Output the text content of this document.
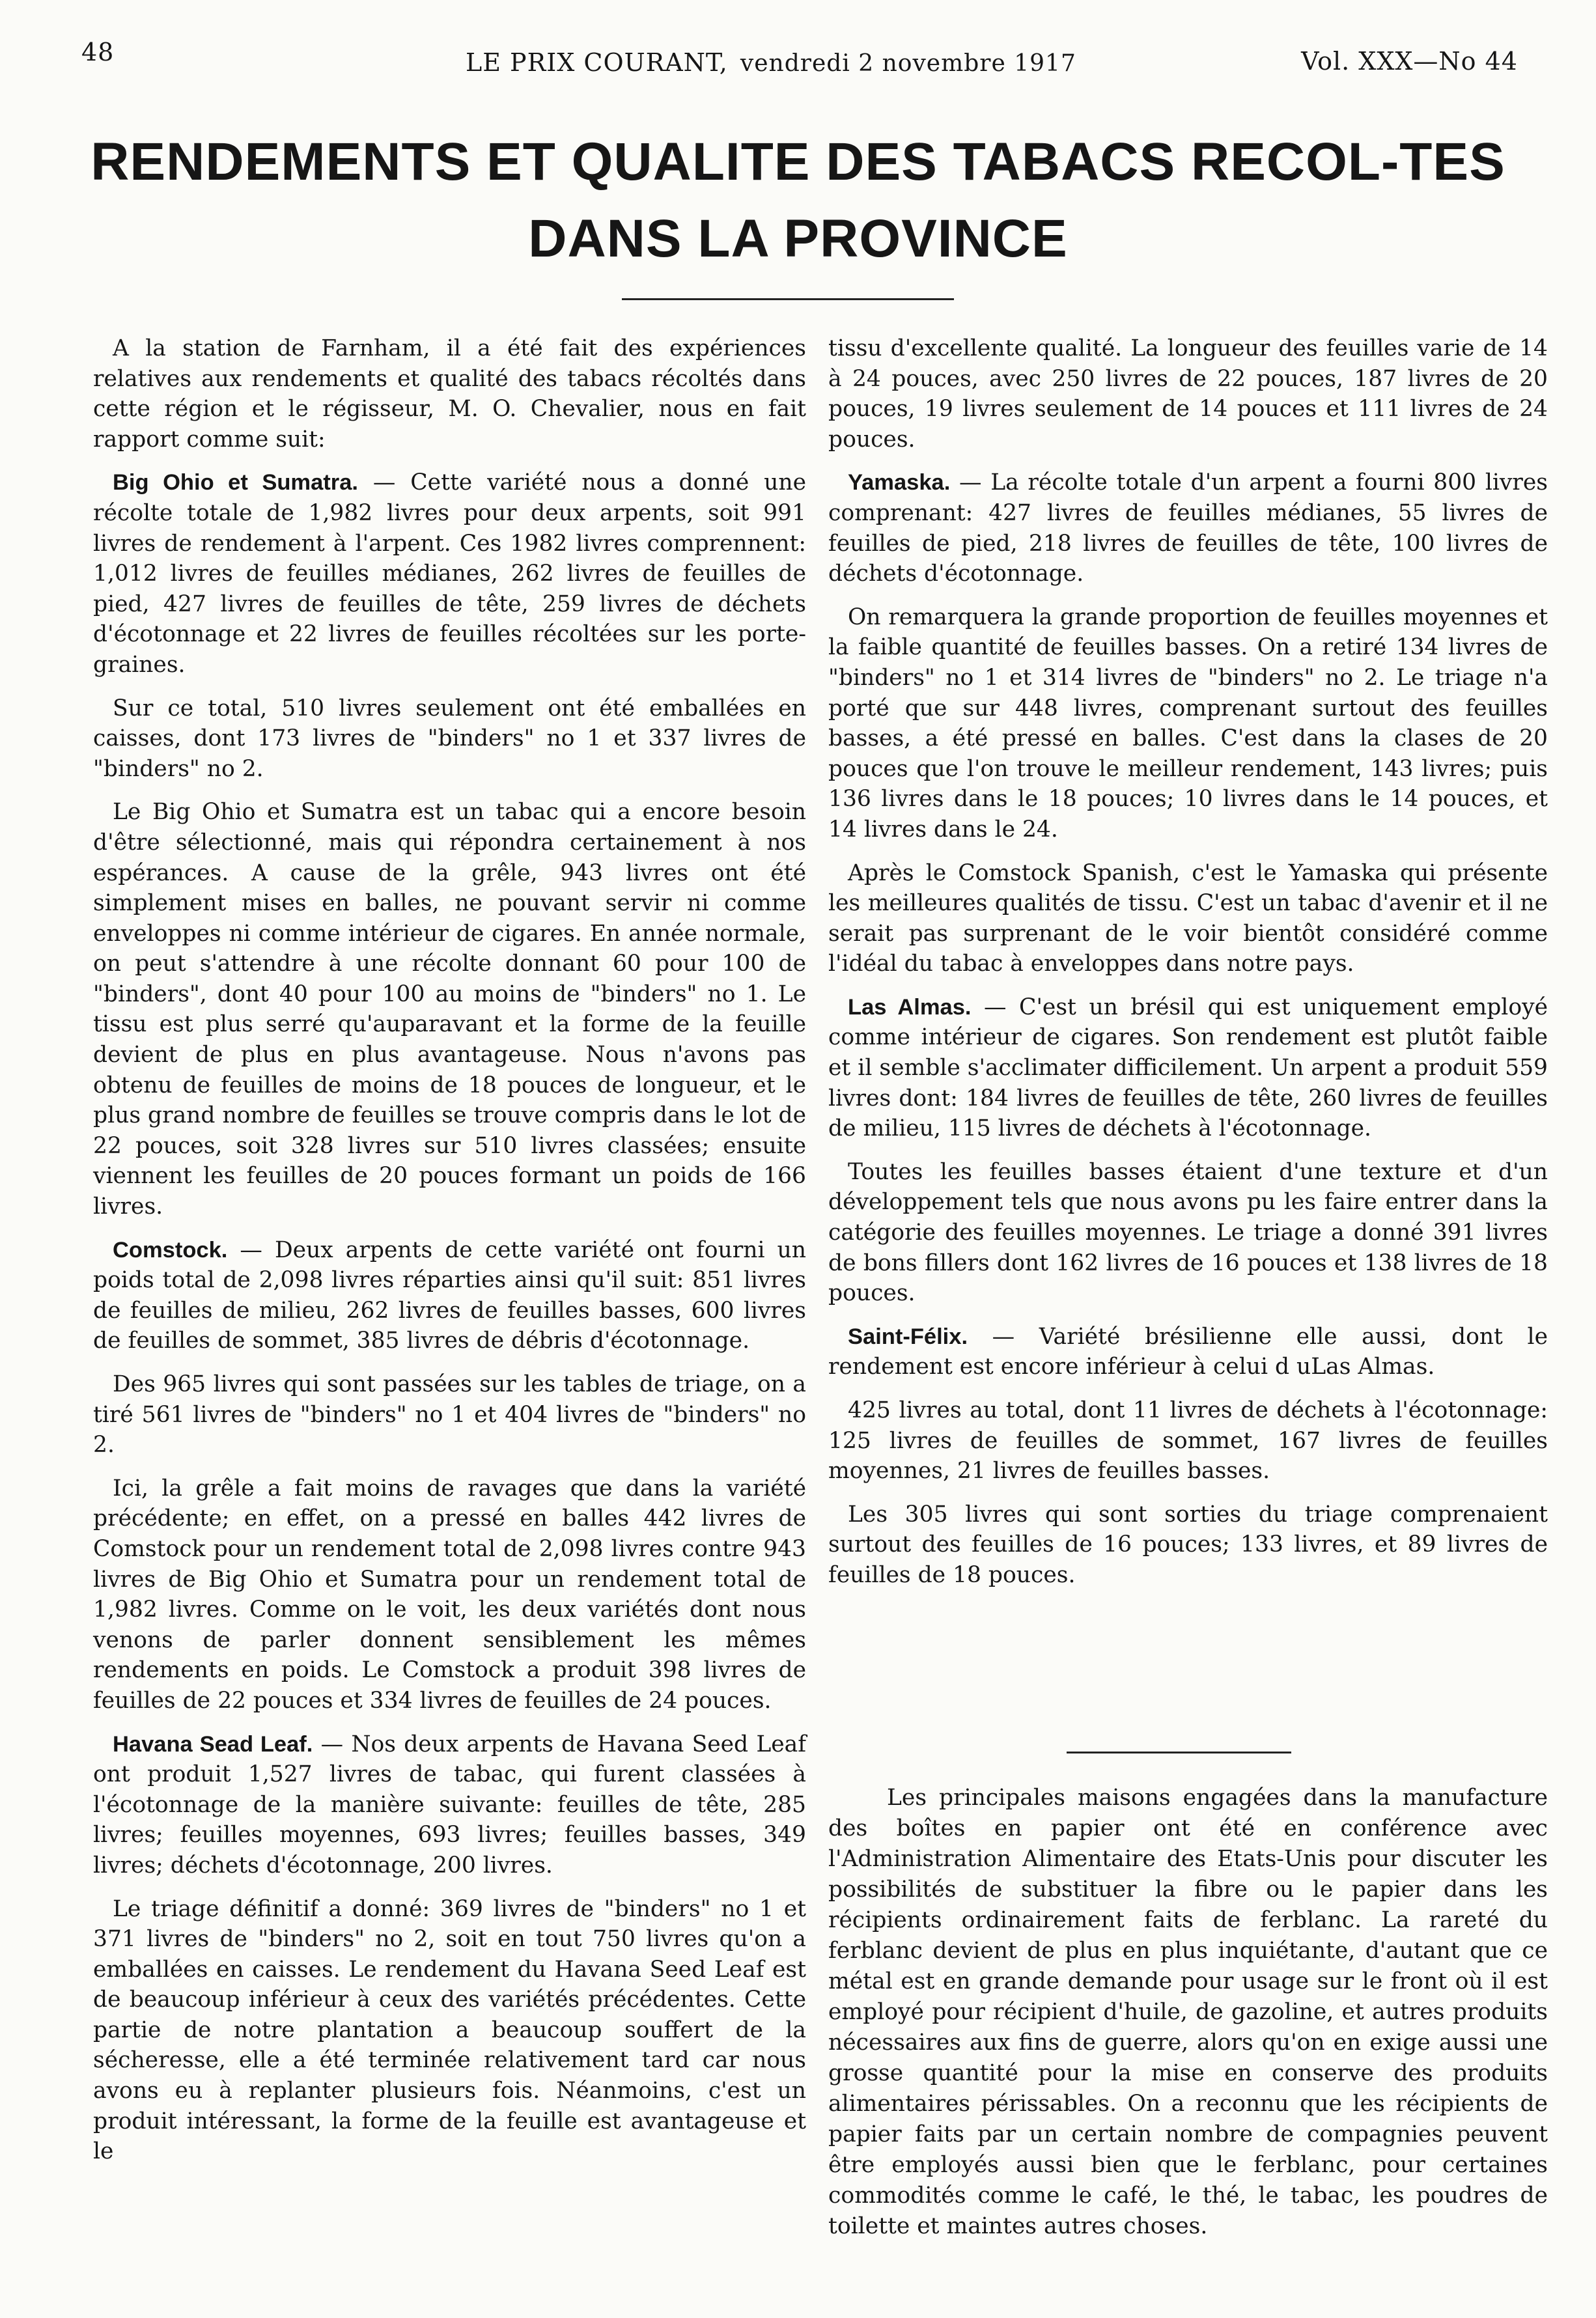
48	LE PRIX COURANT, vendredi 2 novembre 1917	Vol. XXX—No 44
RENDEMENTS ET QUALITE DES TABACS RECOL-TES DANS LA PROVINCE

A la station de Farnham, il a été fait des expériences relatives aux rendements et qualité des tabacs récoltés dans cette région et le régisseur, M. O. Chevalier, nous en fait rapport comme suit:

Big Ohio et Sumatra. — Cette variété nous a donné une récolte totale de 1,982 livres pour deux arpents, soit 991 livres de rendement à l'arpent. Ces 1982 livres comprennent: 1,012 livres de feuilles médianes, 262 livres de feuilles de pied, 427 livres de feuilles de tête, 259 livres de déchets d'écotonnage et 22 livres de feuilles récoltées sur les porte-graines.

Sur ce total, 510 livres seulement ont été emballées en caisses, dont 173 livres de "binders" no 1 et 337 livres de "binders" no 2.

Le Big Ohio et Sumatra est un tabac qui a encore besoin d'être sélectionné, mais qui répondra certainement à nos espérances. A cause de la grêle, 943 livres ont été simplement mises en balles, ne pouvant servir ni comme enveloppes ni comme intérieur de cigares. En année normale, on peut s'attendre à une récolte donnant 60 pour 100 de "binders", dont 40 pour 100 au moins de "binders" no 1. Le tissu est plus serré qu'auparavant et la forme de la feuille devient de plus en plus avantageuse. Nous n'avons pas obtenu de feuilles de moins de 18 pouces de longueur, et le plus grand nombre de feuilles se trouve compris dans le lot de 22 pouces, soit 328 livres sur 510 livres classées; ensuite viennent les feuilles de 20 pouces formant un poids de 166 livres.

Comstock. — Deux arpents de cette variété ont fourni un poids total de 2,098 livres réparties ainsi qu'il suit: 851 livres de feuilles de milieu, 262 livres de feuilles basses, 600 livres de feuilles de sommet, 385 livres de débris d'écotonnage.

Des 965 livres qui sont passées sur les tables de triage, on a tiré 561 livres de "binders" no 1 et 404 livres de "binders" no 2.

Ici, la grêle a fait moins de ravages que dans la variété précédente; en effet, on a pressé en balles 442 livres de Comstock pour un rendement total de 2,098 livres contre 943 livres de Big Ohio et Sumatra pour un rendement total de 1,982 livres. Comme on le voit, les deux variétés dont nous venons de parler donnent sensiblement les mêmes rendements en poids. Le Comstock a produit 398 livres de feuilles de 22 pouces et 334 livres de feuilles de 24 pouces.

Havana Sead Leaf. — Nos deux arpents de Havana Seed Leaf ont produit 1,527 livres de tabac, qui furent classées à l'écotonnage de la manière suivante: feuilles de tête, 285 livres; feuilles moyennes, 693 livres; feuilles basses, 349 livres; déchets d'écotonnage, 200 livres.

Le triage définitif a donné: 369 livres de "binders" no 1 et 371 livres de "binders" no 2, soit en tout 750 livres qu'on a emballées en caisses. Le rendement du Havana Seed Leaf est de beaucoup inférieur à ceux des variétés précédentes. Cette partie de notre plantation a beaucoup souffert de la sécheresse, elle a été terminée relativement tard car nous avons eu à replanter plusieurs fois. Néanmoins, c'est un produit intéressant, la forme de la feuille est avantageuse et le

tissu d'excellente qualité. La longueur des feuilles varie de 14 à 24 pouces, avec 250 livres de 22 pouces, 187 livres de 20 pouces, 19 livres seulement de 14 pouces et 111 livres de 24 pouces.

Yamaska. — La récolte totale d'un arpent a fourni 800 livres comprenant: 427 livres de feuilles médianes, 55 livres de feuilles de pied, 218 livres de feuilles de tête, 100 livres de déchets d'écotonnage.

On remarquera la grande proportion de feuilles moyennes et la faible quantité de feuilles basses. On a retiré 134 livres de "binders" no 1 et 314 livres de "binders" no 2. Le triage n'a porté que sur 448 livres, comprenant surtout des feuilles basses, a été pressé en balles. C'est dans la clases de 20 pouces que l'on trouve le meilleur rendement, 143 livres; puis 136 livres dans le 18 pouces; 10 livres dans le 14 pouces, et 14 livres dans le 24.

Après le Comstock Spanish, c'est le Yamaska qui présente les meilleures qualités de tissu. C'est un tabac d'avenir et il ne serait pas surprenant de le voir bientôt considéré comme l'idéal du tabac à enveloppes dans notre pays.

Las Almas. — C'est un brésil qui est uniquement employé comme intérieur de cigares. Son rendement est plutôt faible et il semble s'acclimater difficilement. Un arpent a produit 559 livres dont: 184 livres de feuilles de tête, 260 livres de feuilles de milieu, 115 livres de déchets à l'écotonnage.

Toutes les feuilles basses étaient d'une texture et d'un développement tels que nous avons pu les faire entrer dans la catégorie des feuilles moyennes. Le triage a donné 391 livres de bons fillers dont 162 livres de 16 pouces et 138 livres de 18 pouces.

Saint-Félix. — Variété brésilienne elle aussi, dont le rendement est encore inférieur à celui d uLas Almas.

425 livres au total, dont 11 livres de déchets à l'écotonnage: 125 livres de feuilles de sommet, 167 livres de feuilles moyennes, 21 livres de feuilles basses.

Les 305 livres qui sont sorties du triage comprenaient surtout des feuilles de 16 pouces; 133 livres, et 89 livres de feuilles de 18 pouces.

Les principales maisons engagées dans la manufacture des boîtes en papier ont été en conférence avec l'Administration Alimentaire des Etats-Unis pour discuter les possibilités de substituer la fibre ou le papier dans les récipients ordinairement faits de ferblanc. La rareté du ferblanc devient de plus en plus inquiétante, d'autant que ce métal est en grande demande pour usage sur le front où il est employé pour récipient d'huile, de gazoline, et autres produits nécessaires aux fins de guerre, alors qu'on en exige aussi une grosse quantité pour la mise en conserve des produits alimentaires périssables. On a reconnu que les récipients de papier faits par un certain nombre de compagnies peuvent être employés aussi bien que le ferblanc, pour certaines commodités comme le café, le thé, le tabac, les poudres de toilette et maintes autres choses.
